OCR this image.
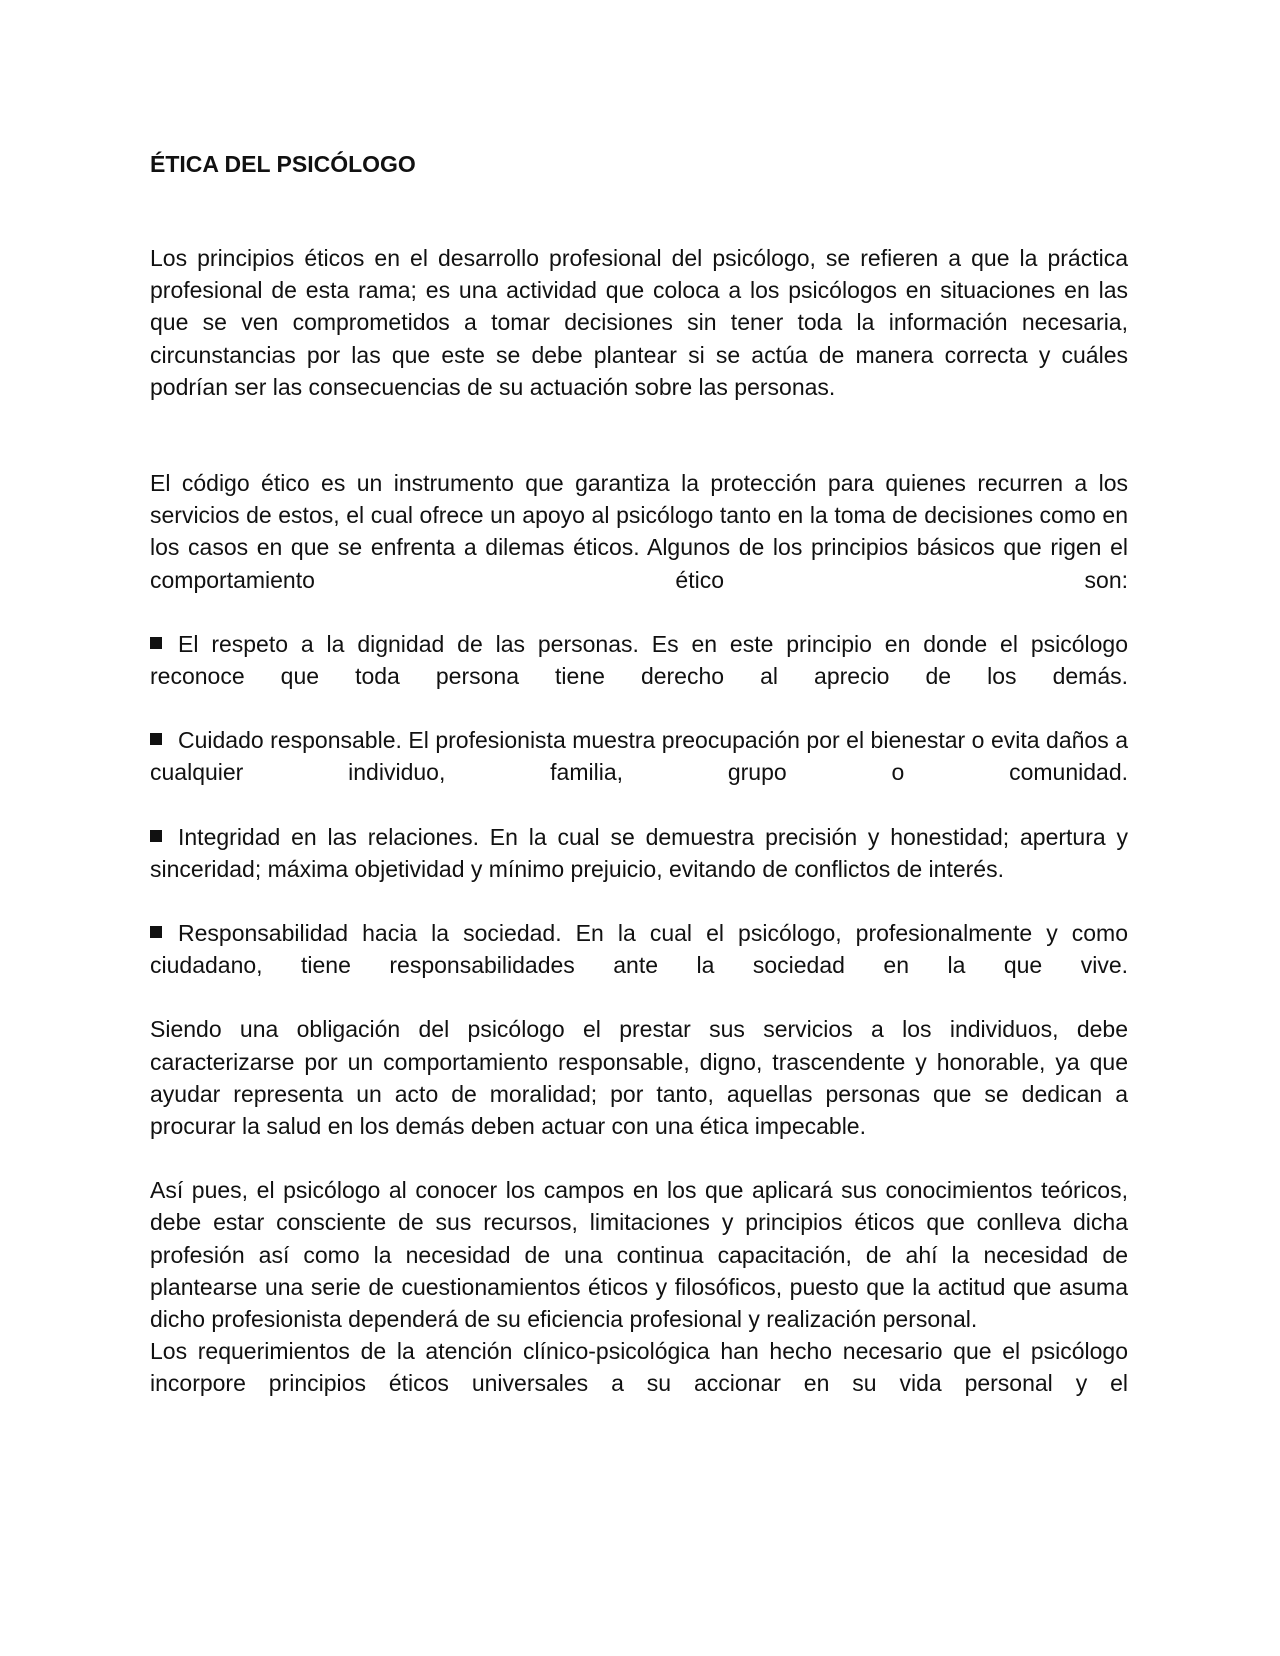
ÉTICA DEL PSICÓLOGO

Los principios éticos en el desarrollo profesional del psicólogo, se refieren a que la práctica profesional de esta rama; es una actividad que coloca a los psicólogos en situaciones en las que se ven comprometidos a tomar decisiones sin tener toda la información necesaria, circunstancias por las que este se debe plantear si se actúa de manera correcta y cuáles podrían ser las consecuencias de su actuación sobre las personas.

El código ético es un instrumento que garantiza la protección para quienes recurren a los servicios de estos, el cual ofrece un apoyo al psicólogo tanto en la toma de decisiones como en los casos en que se enfrenta a dilemas éticos. Algunos de los principios básicos que rigen el comportamiento ético son:

El respeto a la dignidad de las personas. Es en este principio en donde el psicólogo reconoce que toda persona tiene derecho al aprecio de los demás.

Cuidado responsable. El profesionista muestra preocupación por el bienestar o evita daños a cualquier individuo, familia, grupo o comunidad.

Integridad en las relaciones. En la cual se demuestra precisión y honestidad; apertura y sinceridad; máxima objetividad y mínimo prejuicio, evitando de conflictos de interés.

Responsabilidad hacia la sociedad. En la cual el psicólogo, profesionalmente y como ciudadano, tiene responsabilidades ante la sociedad en la que vive.

Siendo una obligación del psicólogo el prestar sus servicios a los individuos, debe caracterizarse por un comportamiento responsable, digno, trascendente y honorable, ya que ayudar representa un acto de moralidad; por tanto, aquellas personas que se dedican a procurar la salud en los demás deben actuar con una ética impecable.

Así pues, el psicólogo al conocer los campos en los que aplicará sus conocimientos teóricos, debe estar consciente de sus recursos, limitaciones y principios éticos que conlleva dicha profesión así como la necesidad de una continua capacitación, de ahí la necesidad de plantearse una serie de cuestionamientos éticos y filosóficos, puesto que la actitud que asuma dicho profesionista dependerá de su eficiencia profesional y realización personal.

Los requerimientos de la atención clínico-psicológica han hecho necesario que el psicólogo incorpore principios éticos universales a su accionar en su vida personal y el
